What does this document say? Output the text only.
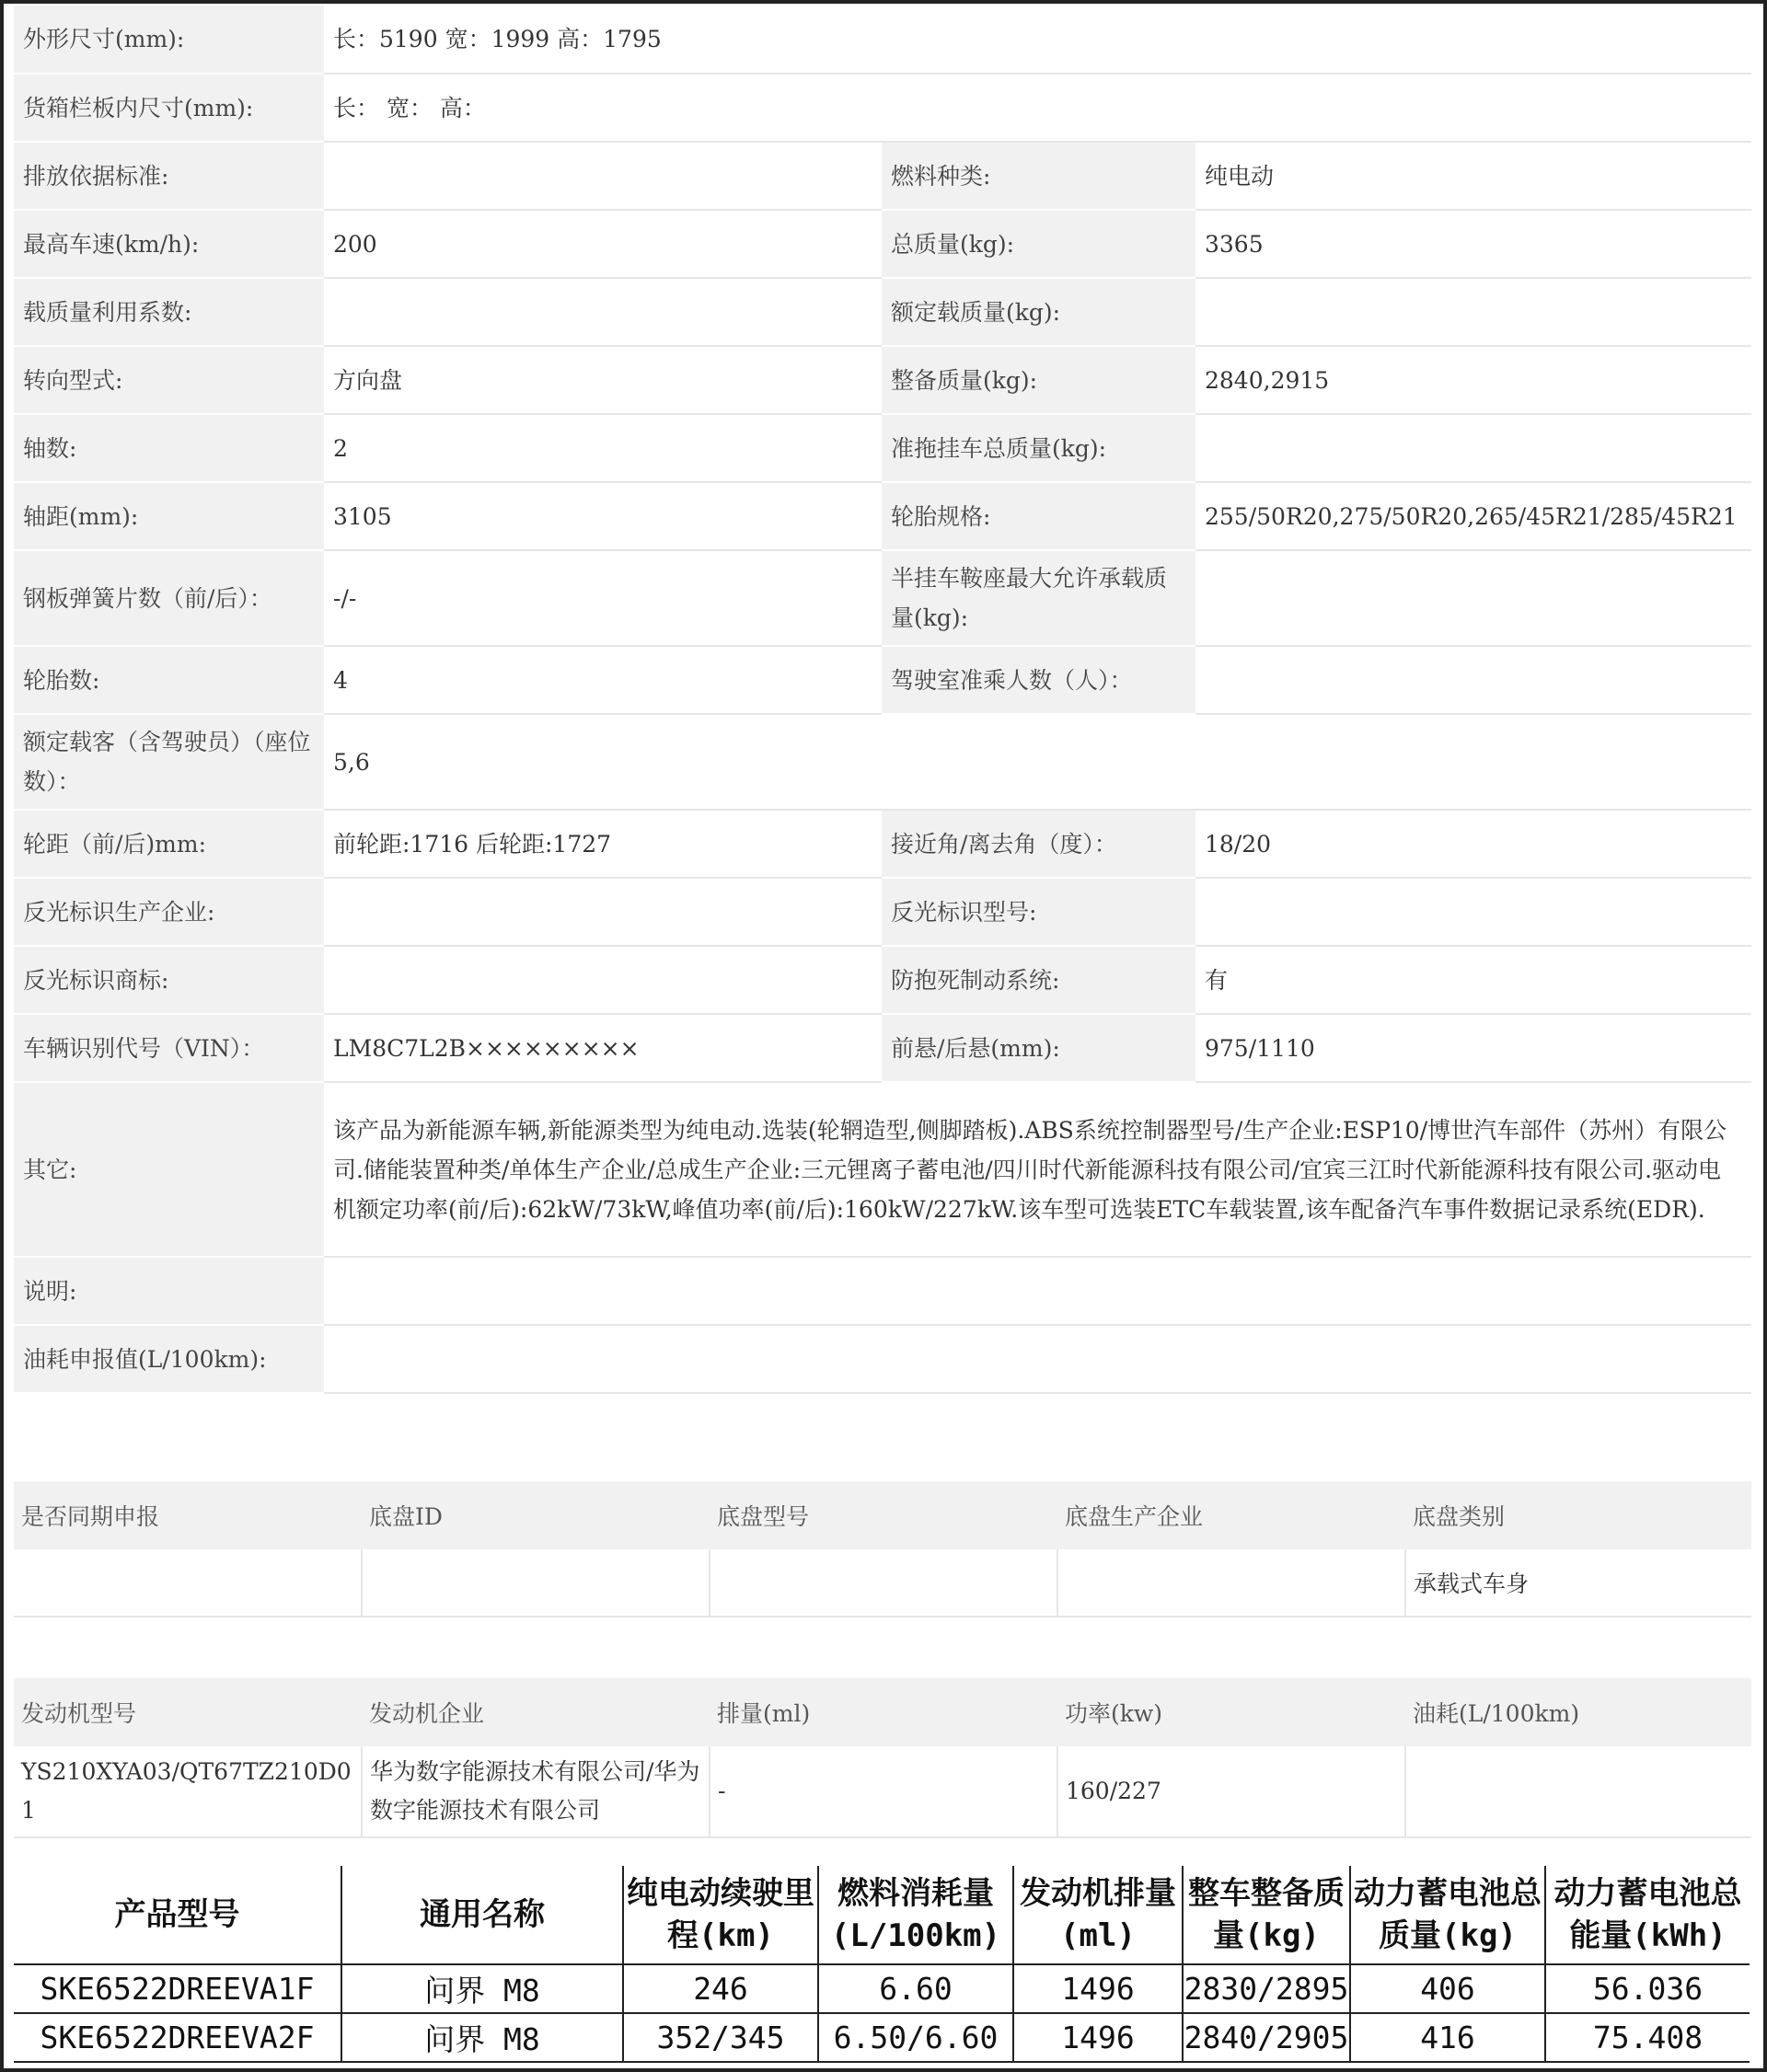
外形尺寸(mm):	长：5190 宽：1999 高：1795		
货箱栏板内尺寸(mm):	长： 宽： 高：		
排放依据标准:		燃料种类:	纯电动
最高车速(km/h):	200	总质量(kg):	3365
载质量利用系数:		额定载质量(kg):	
转向型式:	方向盘	整备质量(kg):	2840,2915
轴数:	2	准拖挂车总质量(kg):	
轴距(mm):	3105	轮胎规格:	255/50R20,275/50R20,265/45R21/285/45R21
钢板弹簧片数（前/后）：	-/-	半挂车鞍座最大允许承载质量(kg):	
轮胎数:	4	驾驶室准乘人数（人）：	
额定载客（含驾驶员）（座位数）：	5,6		
轮距（前/后)mm:	前轮距:1716 后轮距:1727	接近角/离去角（度）：	18/20
反光标识生产企业:		反光标识型号:	
反光标识商标:		防抱死制动系统:	有
车辆识别代号（VIN）：	LM8C7L2B×××××××××	前悬/后悬(mm):	975/1110
其它:	该产品为新能源车辆,新能源类型为纯电动.选装(轮辋造型,侧脚踏板).ABS系统控制器型号/生产企业:ESP10/博世汽车部件（苏州）有限公司.储能装置种类/单体生产企业/总成生产企业:三元锂离子蓄电池/四川时代新能源科技有限公司/宜宾三江时代新能源科技有限公司.驱动电机额定功率(前/后):62kW/73kW,峰值功率(前/后):160kW/227kW.该车型可选装ETC车载装置,该车配备汽车事件数据记录系统(EDR).		
说明:			
油耗申报值(L/100km):			
是否同期申报	底盘ID	底盘型号	底盘生产企业	底盘类别
				承载式车身
发动机型号	发动机企业	排量(ml)	功率(kw)	油耗(L/100km)
YS210XYA03/QT67TZ210D01	华为数字能源技术有限公司/华为数字能源技术有限公司	-	160/227	
产品型号	通用名称	纯电动续驶里程(km)	燃料消耗量(L/100km)	发动机排量(ml)	整车整备质量(kg)	动力蓄电池总质量(kg)	动力蓄电池总能量(kWh)
SKE6522DREEVA1F	问界 M8	246	6.60	1496	2830/2895	406	56.036
SKE6522DREEVA2F	问界 M8	352/345	6.50/6.60	1496	2840/2905	416	75.408
